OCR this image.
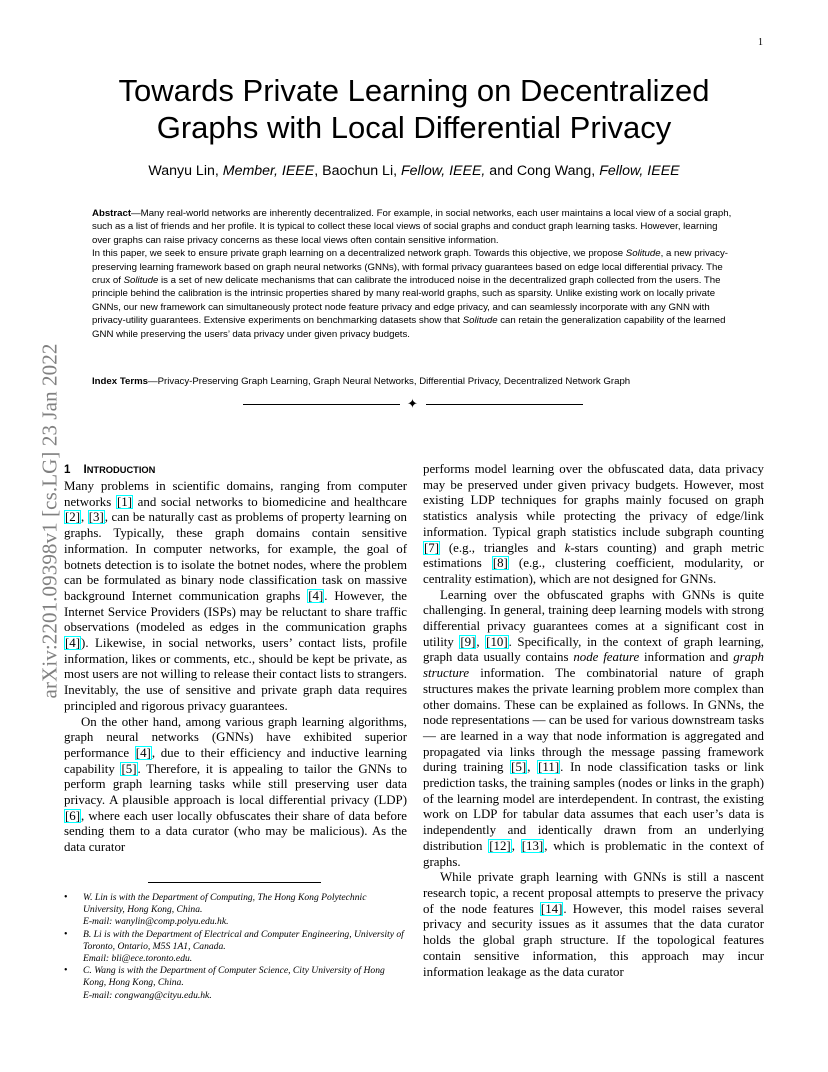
1
arXiv:2201.09398v1 [cs.LG] 23 Jan 2022
Towards Private Learning on Decentralized
Graphs with Local Differential Privacy
Wanyu Lin, Member, IEEE, Baochun Li, Fellow, IEEE, and Cong Wang, Fellow, IEEE

Abstract—Many real-world networks are inherently decentralized. For example, in social networks, each user maintains a local view of a social graph, such as a list of friends and her profile. It is typical to collect these local views of social graphs and conduct graph learning tasks. However, learning over graphs can raise privacy concerns as these local views often contain sensitive information.

In this paper, we seek to ensure private graph learning on a decentralized network graph. Towards this objective, we propose Solitude, a new privacy-preserving learning framework based on graph neural networks (GNNs), with formal privacy guarantees based on edge local differential privacy. The crux of Solitude is a set of new delicate mechanisms that can calibrate the introduced noise in the decentralized graph collected from the users. The principle behind the calibration is the intrinsic properties shared by many real-world graphs, such as sparsity. Unlike existing work on locally private GNNs, our new framework can simultaneously protect node feature privacy and edge privacy, and can seamlessly incorporate with any GNN with privacy-utility guarantees. Extensive experiments on benchmarking datasets show that Solitude can retain the generalization capability of the learned GNN while preserving the users’ data privacy under given privacy budgets.

Index Terms—Privacy-Preserving Graph Learning, Graph Neural Networks, Differential Privacy, Decentralized Network Graph
✦
1 INTRODUCTION

Many problems in scientific domains, ranging from computer networks [1] and social networks to biomedicine and healthcare [2], [3], can be naturally cast as problems of property learning on graphs. Typically, these graph domains contain sensitive information. In computer networks, for example, the goal of botnets detection is to isolate the botnet nodes, where the problem can be formulated as binary node classification task on massive background Internet communication graphs [4]. However, the Internet Service Providers (ISPs) may be reluctant to share traffic observations (modeled as edges in the communication graphs [4]). Likewise, in social networks, users’ contact lists, profile information, likes or comments, etc., should be kept be private, as most users are not willing to release their contact lists to strangers. Inevitably, the use of sensitive and private graph data requires principled and rigorous privacy guarantees.

On the other hand, among various graph learning algorithms, graph neural networks (GNNs) have exhibited superior performance [4], due to their efficiency and inductive learning capability [5]. Therefore, it is appealing to tailor the GNNs to perform graph learning tasks while still preserving user data privacy. A plausible approach is local differential privacy (LDP) [6], where each user locally obfuscates their share of data before sending them to a data curator (who may be malicious). As the data curator

performs model learning over the obfuscated data, data privacy may be preserved under given privacy budgets. However, most existing LDP techniques for graphs mainly focused on graph statistics analysis while protecting the privacy of edge/link information. Typical graph statistics include subgraph counting [7] (e.g., triangles and k-stars counting) and graph metric estimations [8] (e.g., clustering coefficient, modularity, or centrality estimation), which are not designed for GNNs.

Learning over the obfuscated graphs with GNNs is quite challenging. In general, training deep learning models with strong differential privacy guarantees comes at a significant cost in utility [9], [10]. Specifically, in the context of graph learning, graph data usually contains node feature information and graph structure information. The combinatorial nature of graph structures makes the private learning problem more complex than other domains. These can be explained as follows. In GNNs, the node representations — can be used for various downstream tasks — are learned in a way that node information is aggregated and propagated via links through the message passing framework during training [5], [11]. In node classification tasks or link prediction tasks, the training samples (nodes or links in the graph) of the learning model are interdependent. In contrast, the existing work on LDP for tabular data assumes that each user’s data is independently and identically drawn from an underlying distribution [12], [13], which is problematic in the context of graphs.

While private graph learning with GNNs is still a nascent research topic, a recent proposal attempts to preserve the privacy of the node features [14]. However, this model raises several privacy and security issues as it assumes that the data curator holds the global graph structure. If the topological features contain sensitive information, this approach may incur information leakage as the data curator

• W. Lin is with the Department of Computing, The Hong Kong Polytechnic University, Hong Kong, China.
E-mail: wanylin@comp.polyu.edu.hk.
• B. Li is with the Department of Electrical and Computer Engineering, University of Toronto, Ontario, M5S 1A1, Canada.
Email: bli@ece.toronto.edu.
• C. Wang is with the Department of Computer Science, City University of Hong Kong, Hong Kong, China.
E-mail: congwang@cityu.edu.hk.
